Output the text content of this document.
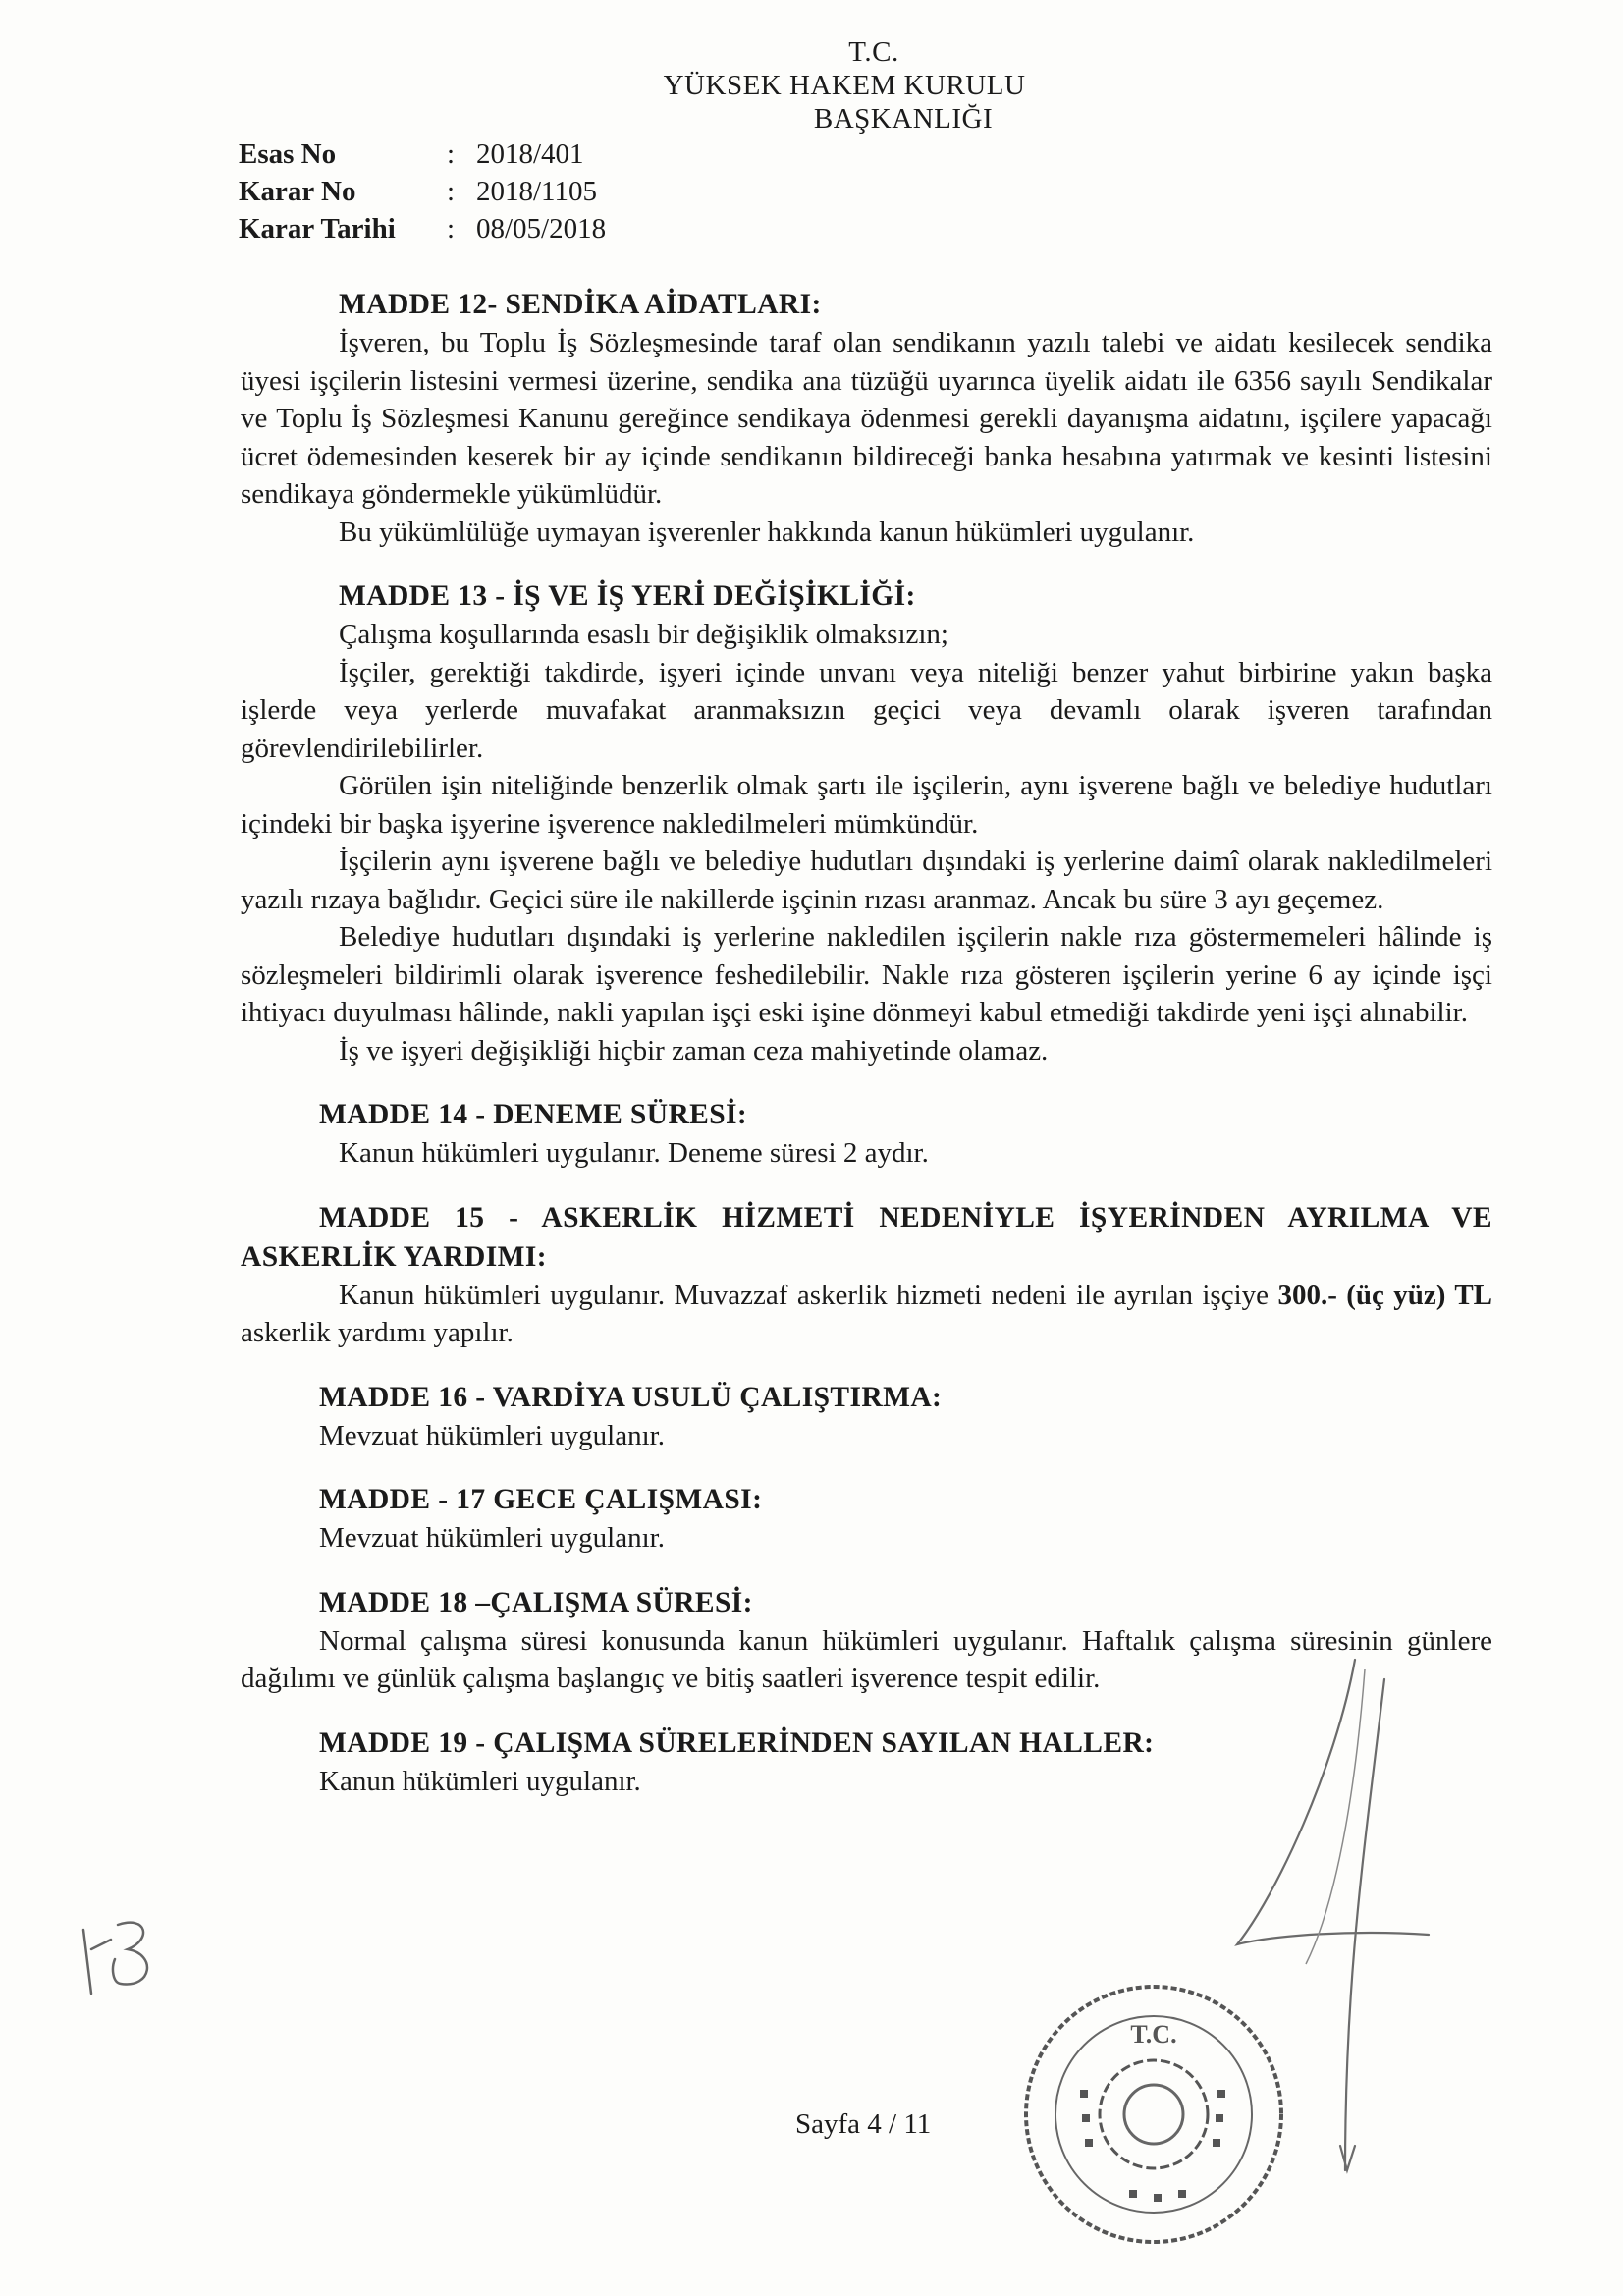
T.C.
YÜKSEK HAKEM KURULU
BAŞKANLIĞI
Esas No	: 2018/401
Karar No	: 2018/1105
Karar Tarihi	: 08/05/2018
MADDE 12- SENDİKA AİDATLARI:

İşveren, bu Toplu İş Sözleşmesinde taraf olan sendikanın yazılı talebi ve aidatı kesilecek sendika üyesi işçilerin listesini vermesi üzerine, sendika ana tüzüğü uyarınca üyelik aidatı ile 6356 sayılı Sendikalar ve Toplu İş Sözleşmesi Kanunu gereğince sendikaya ödenmesi gerekli dayanışma aidatını, işçilere yapacağı ücret ödemesinden keserek bir ay içinde sendikanın bildireceği banka hesabına yatırmak ve kesinti listesini sendikaya göndermekle yükümlüdür.

Bu yükümlülüğe uymayan işverenler hakkında kanun hükümleri uygulanır.

MADDE 13 - İŞ VE İŞ YERİ DEĞİŞİKLİĞİ:

Çalışma koşullarında esaslı bir değişiklik olmaksızın;

İşçiler, gerektiği takdirde, işyeri içinde unvanı veya niteliği benzer yahut birbirine yakın başka işlerde veya yerlerde muvafakat aranmaksızın geçici veya devamlı olarak işveren tarafından görevlendirilebilirler.

Görülen işin niteliğinde benzerlik olmak şartı ile işçilerin, aynı işverene bağlı ve belediye hudutları içindeki bir başka işyerine işverence nakledilmeleri mümkündür.

İşçilerin aynı işverene bağlı ve belediye hudutları dışındaki iş yerlerine daimî olarak nakledilmeleri yazılı rızaya bağlıdır. Geçici süre ile nakillerde işçinin rızası aranmaz. Ancak bu süre 3 ayı geçemez.

Belediye hudutları dışındaki iş yerlerine nakledilen işçilerin nakle rıza göstermemeleri hâlinde iş sözleşmeleri bildirimli olarak işverence feshedilebilir. Nakle rıza gösteren işçilerin yerine 6 ay içinde işçi ihtiyacı duyulması hâlinde, nakli yapılan işçi eski işine dönmeyi kabul etmediği takdirde yeni işçi alınabilir.

İş ve işyeri değişikliği hiçbir zaman ceza mahiyetinde olamaz.

MADDE 14 - DENEME SÜRESİ:

Kanun hükümleri uygulanır. Deneme süresi 2 aydır.

MADDE 15 - ASKERLİK HİZMETİ NEDENİYLE İŞYERİNDEN AYRILMA VE ASKERLİK YARDIMI:

Kanun hükümleri uygulanır. Muvazzaf askerlik hizmeti nedeni ile ayrılan işçiye 300.- (üç yüz) TL askerlik yardımı yapılır.

MADDE 16 - VARDİYA USULÜ ÇALIŞTIRMA:

Mevzuat hükümleri uygulanır.

MADDE - 17 GECE ÇALIŞMASI:

Mevzuat hükümleri uygulanır.

MADDE 18 –ÇALIŞMA SÜRESİ:

Normal çalışma süresi konusunda kanun hükümleri uygulanır. Haftalık çalışma süresinin günlere dağılımı ve günlük çalışma başlangıç ve bitiş saatleri işverence tespit edilir.

MADDE 19 - ÇALIŞMA SÜRELERİNDEN SAYILAN HALLER:

Kanun hükümleri uygulanır.

Sayfa 4 / 11
T.C.
